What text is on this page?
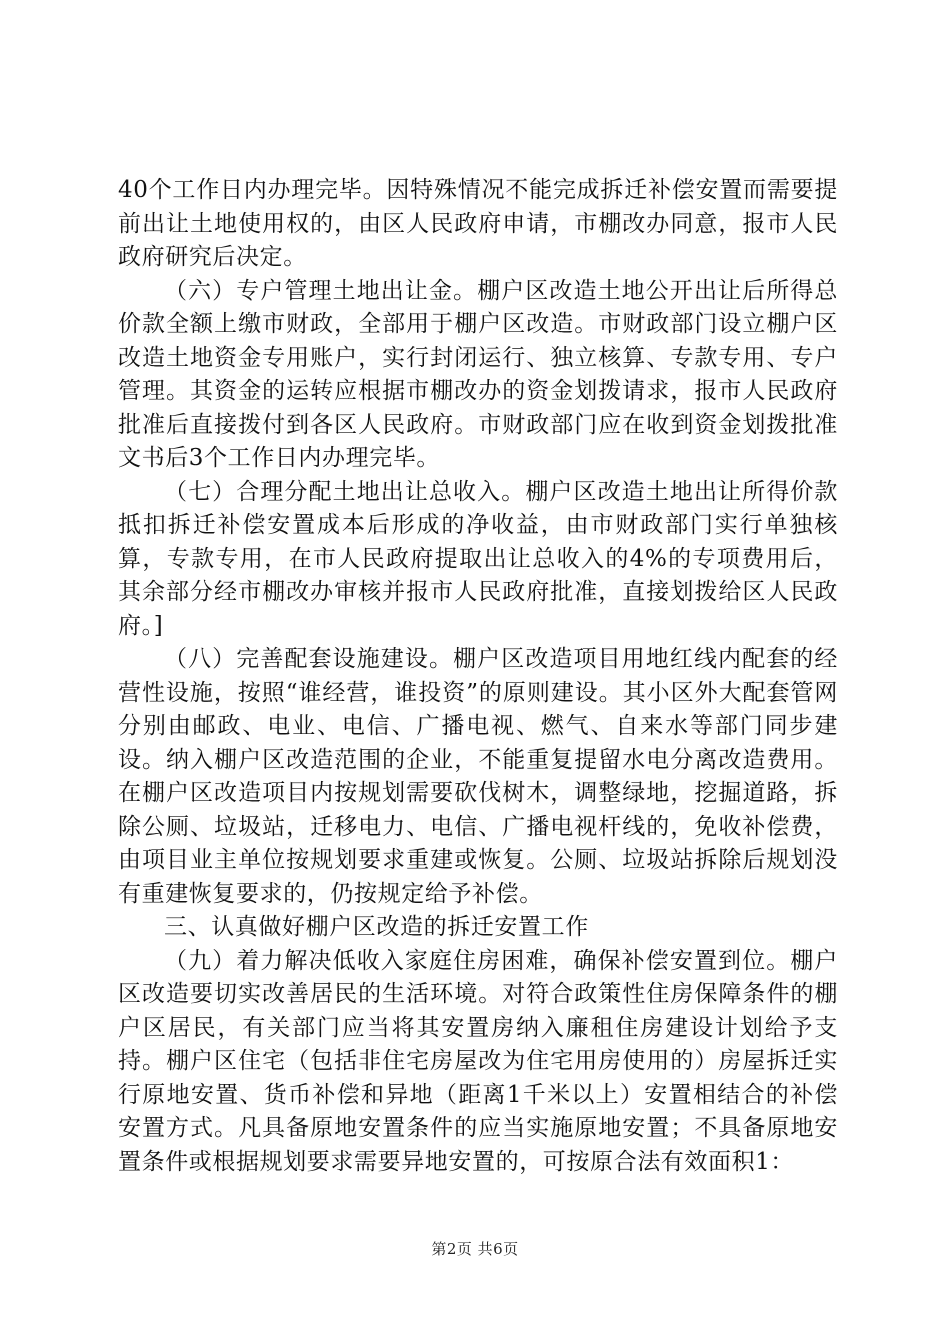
40个工作日内办理完毕。因特殊情况不能完成拆迁补偿安置而需要提前出让土地使用权的，由区人民政府申请，市棚改办同意，报市人民政府研究后决定。

（六）专户管理土地出让金。棚户区改造土地公开出让后所得总价款全额上缴市财政，全部用于棚户区改造。市财政部门设立棚户区改造土地资金专用账户，实行封闭运行、独立核算、专款专用、专户管理。其资金的运转应根据市棚改办的资金划拨请求，报市人民政府批准后直接拨付到各区人民政府。市财政部门应在收到资金划拨批准文书后3个工作日内办理完毕。

（七）合理分配土地出让总收入。棚户区改造土地出让所得价款抵扣拆迁补偿安置成本后形成的净收益，由市财政部门实行单独核算，专款专用，在市人民政府提取出让总收入的4%的专项费用后，其余部分经市棚改办审核并报市人民政府批准，直接划拨给区人民政府。]

（八）完善配套设施建设。棚户区改造项目用地红线内配套的经营性设施，按照“谁经营，谁投资”的原则建设。其小区外大配套管网分别由邮政、电业、电信、广播电视、燃气、自来水等部门同步建设。纳入棚户区改造范围的企业，不能重复提留水电分离改造费用。在棚户区改造项目内按规划需要砍伐树木，调整绿地，挖掘道路，拆除公厕、垃圾站，迁移电力、电信、广播电视杆线的，免收补偿费，由项目业主单位按规划要求重建或恢复。公厕、垃圾站拆除后规划没有重建恢复要求的，仍按规定给予补偿。

三、认真做好棚户区改造的拆迁安置工作

（九）着力解决低收入家庭住房困难，确保补偿安置到位。棚户区改造要切实改善居民的生活环境。对符合政策性住房保障条件的棚户区居民，有关部门应当将其安置房纳入廉租住房建设计划给予支持。棚户区住宅（包括非住宅房屋改为住宅用房使用的）房屋拆迁实行原地安置、货币补偿和异地（距离1千米以上）安置相结合的补偿安置方式。凡具备原地安置条件的应当实施原地安置；不具备原地安置条件或根据规划要求需要异地安置的，可按原合法有效面积1：

第2页 共6页
